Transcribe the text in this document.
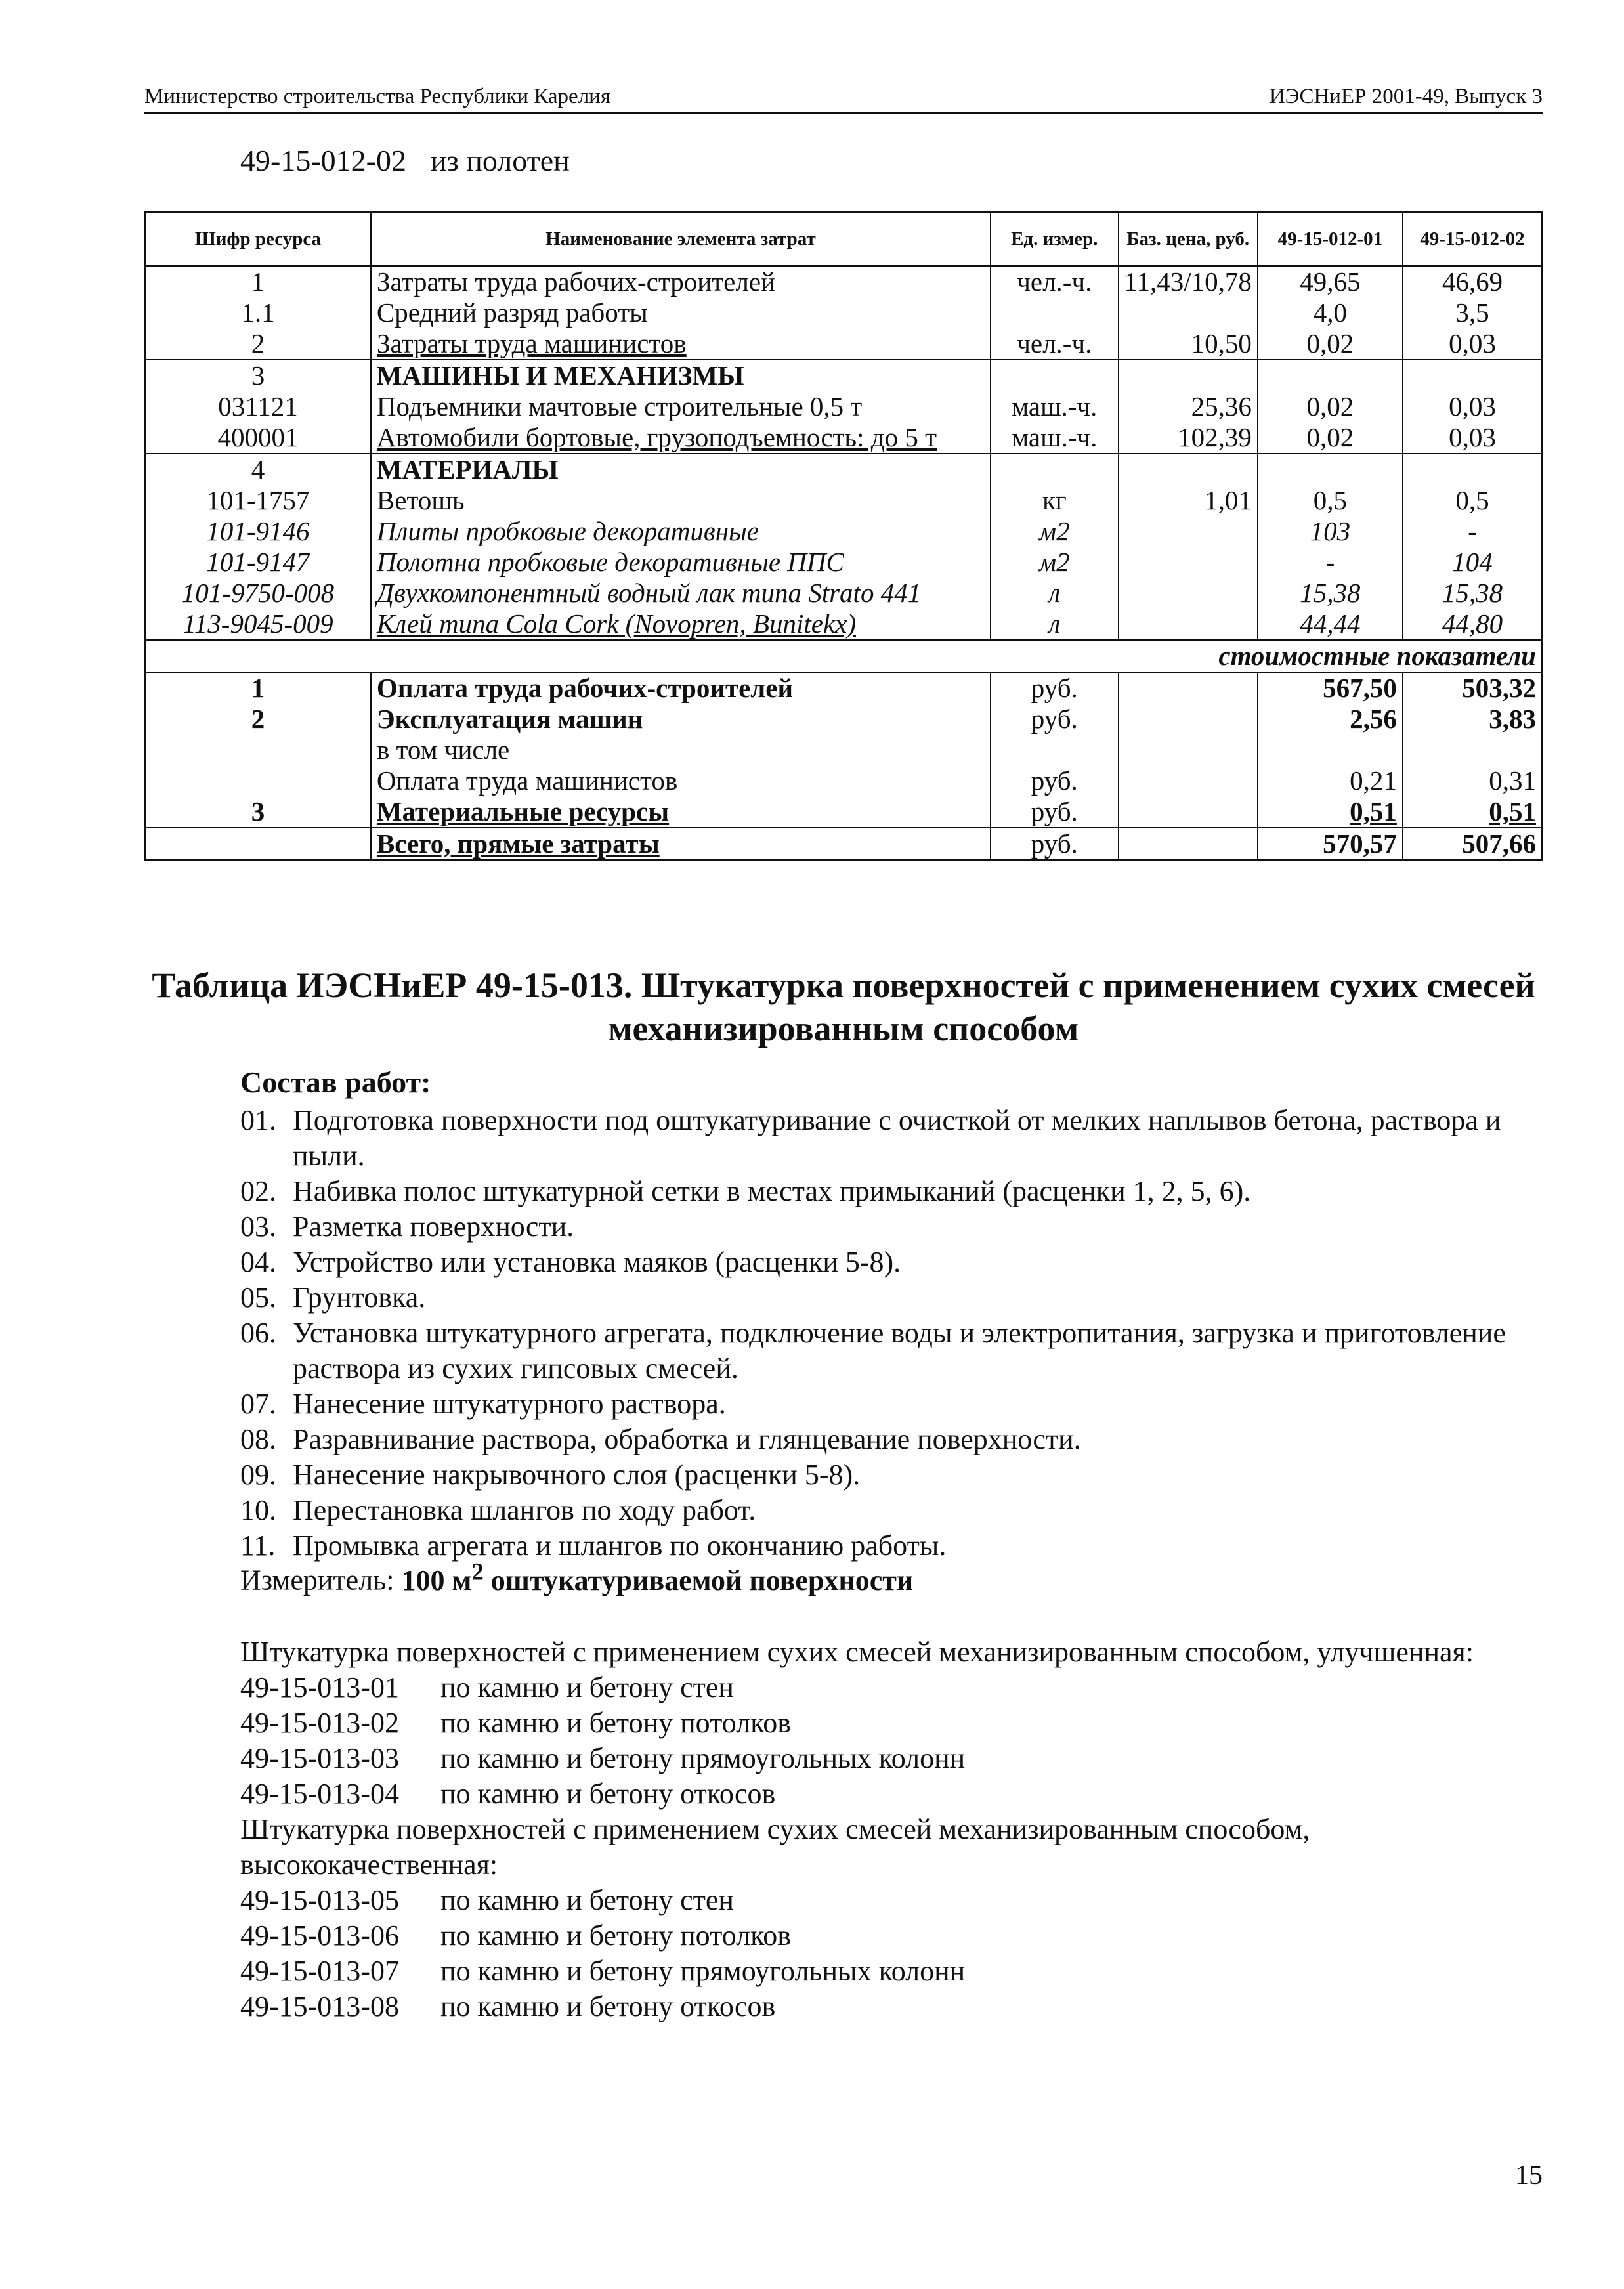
Министерство строительства Республики Карелия	ИЭСНиЕР 2001-49, Выпуск 3
49-15-012-02 из полотен
Шифр ресурса	Наименование элемента затрат	Ед. измер.	Баз. цена, руб.	49-15-012-01	49-15-012-02
1	Затраты труда рабочих-строителей	чел.-ч.	11,43/10,78	49,65	46,69
1.1	Средний разряд работы			4,0	3,5
2	Затраты труда машинистов	чел.-ч.	10,50	0,02	0,03
3	МАШИНЫ И МЕХАНИЗМЫ				
031121	Подъемники мачтовые строительные 0,5 т	маш.-ч.	25,36	0,02	0,03
400001	Автомобили бортовые, грузоподъемность: до 5 т	маш.-ч.	102,39	0,02	0,03
4	МАТЕРИАЛЫ				
101-1757	Ветошь	кг	1,01	0,5	0,5
101-9146	Плиты пробковые декоративные	м2		103	-
101-9147	Полотна пробковые декоративные ППС	м2		-	104
101-9750-008	Двухкомпонентный водный лак типа Strato 441	л		15,38	15,38
113-9045-009	Клей типа Cola Cork (Novopren, Bunitekx)	л		44,44	44,80
стоимостные показатели					
1	Оплата труда рабочих-строителей	руб.		567,50	503,32
2	Эксплуатация машин	руб.		2,56	3,83
	в том числе				
	Оплата труда машинистов	руб.		0,21	0,31
3	Материальные ресурсы	руб.		0,51	0,51
	Всего, прямые затраты	руб.		570,57	507,66
Таблица ИЭСНиЕР 49-15-013. Штукатурка поверхностей с применением сухих смесей механизированным способом
Состав работ:
01. Подготовка поверхности под оштукатуривание с очисткой от мелких наплывов бетона, раствора и пыли.
02. Набивка полос штукатурной сетки в местах примыканий (расценки 1, 2, 5, 6).
03. Разметка поверхности.
04. Устройство или установка маяков (расценки 5-8).
05. Грунтовка.
06. Установка штукатурного агрегата, подключение воды и электропитания, загрузка и приготовление раствора из сухих гипсовых смесей.
07. Нанесение штукатурного раствора.
08. Разравнивание раствора, обработка и глянцевание поверхности.
09. Нанесение накрывочного слоя (расценки 5-8).
10. Перестановка шлангов по ходу работ.
11. Промывка агрегата и шлангов по окончанию работы.
Измеритель: 100 $м^2$ оштукатуриваемой поверхности
Штукатурка поверхностей с применением сухих смесей механизированным способом, улучшенная:
49-15-013-01 по камню и бетону стен
49-15-013-02 по камню и бетону потолков
49-15-013-03 по камню и бетону прямоугольных колонн
49-15-013-04 по камню и бетону откосов
Штукатурка поверхностей с применением сухих смесей механизированным способом, высококачественная:
49-15-013-05 по камню и бетону стен
49-15-013-06 по камню и бетону потолков
49-15-013-07 по камню и бетону прямоугольных колонн
49-15-013-08 по камню и бетону откосов
15
